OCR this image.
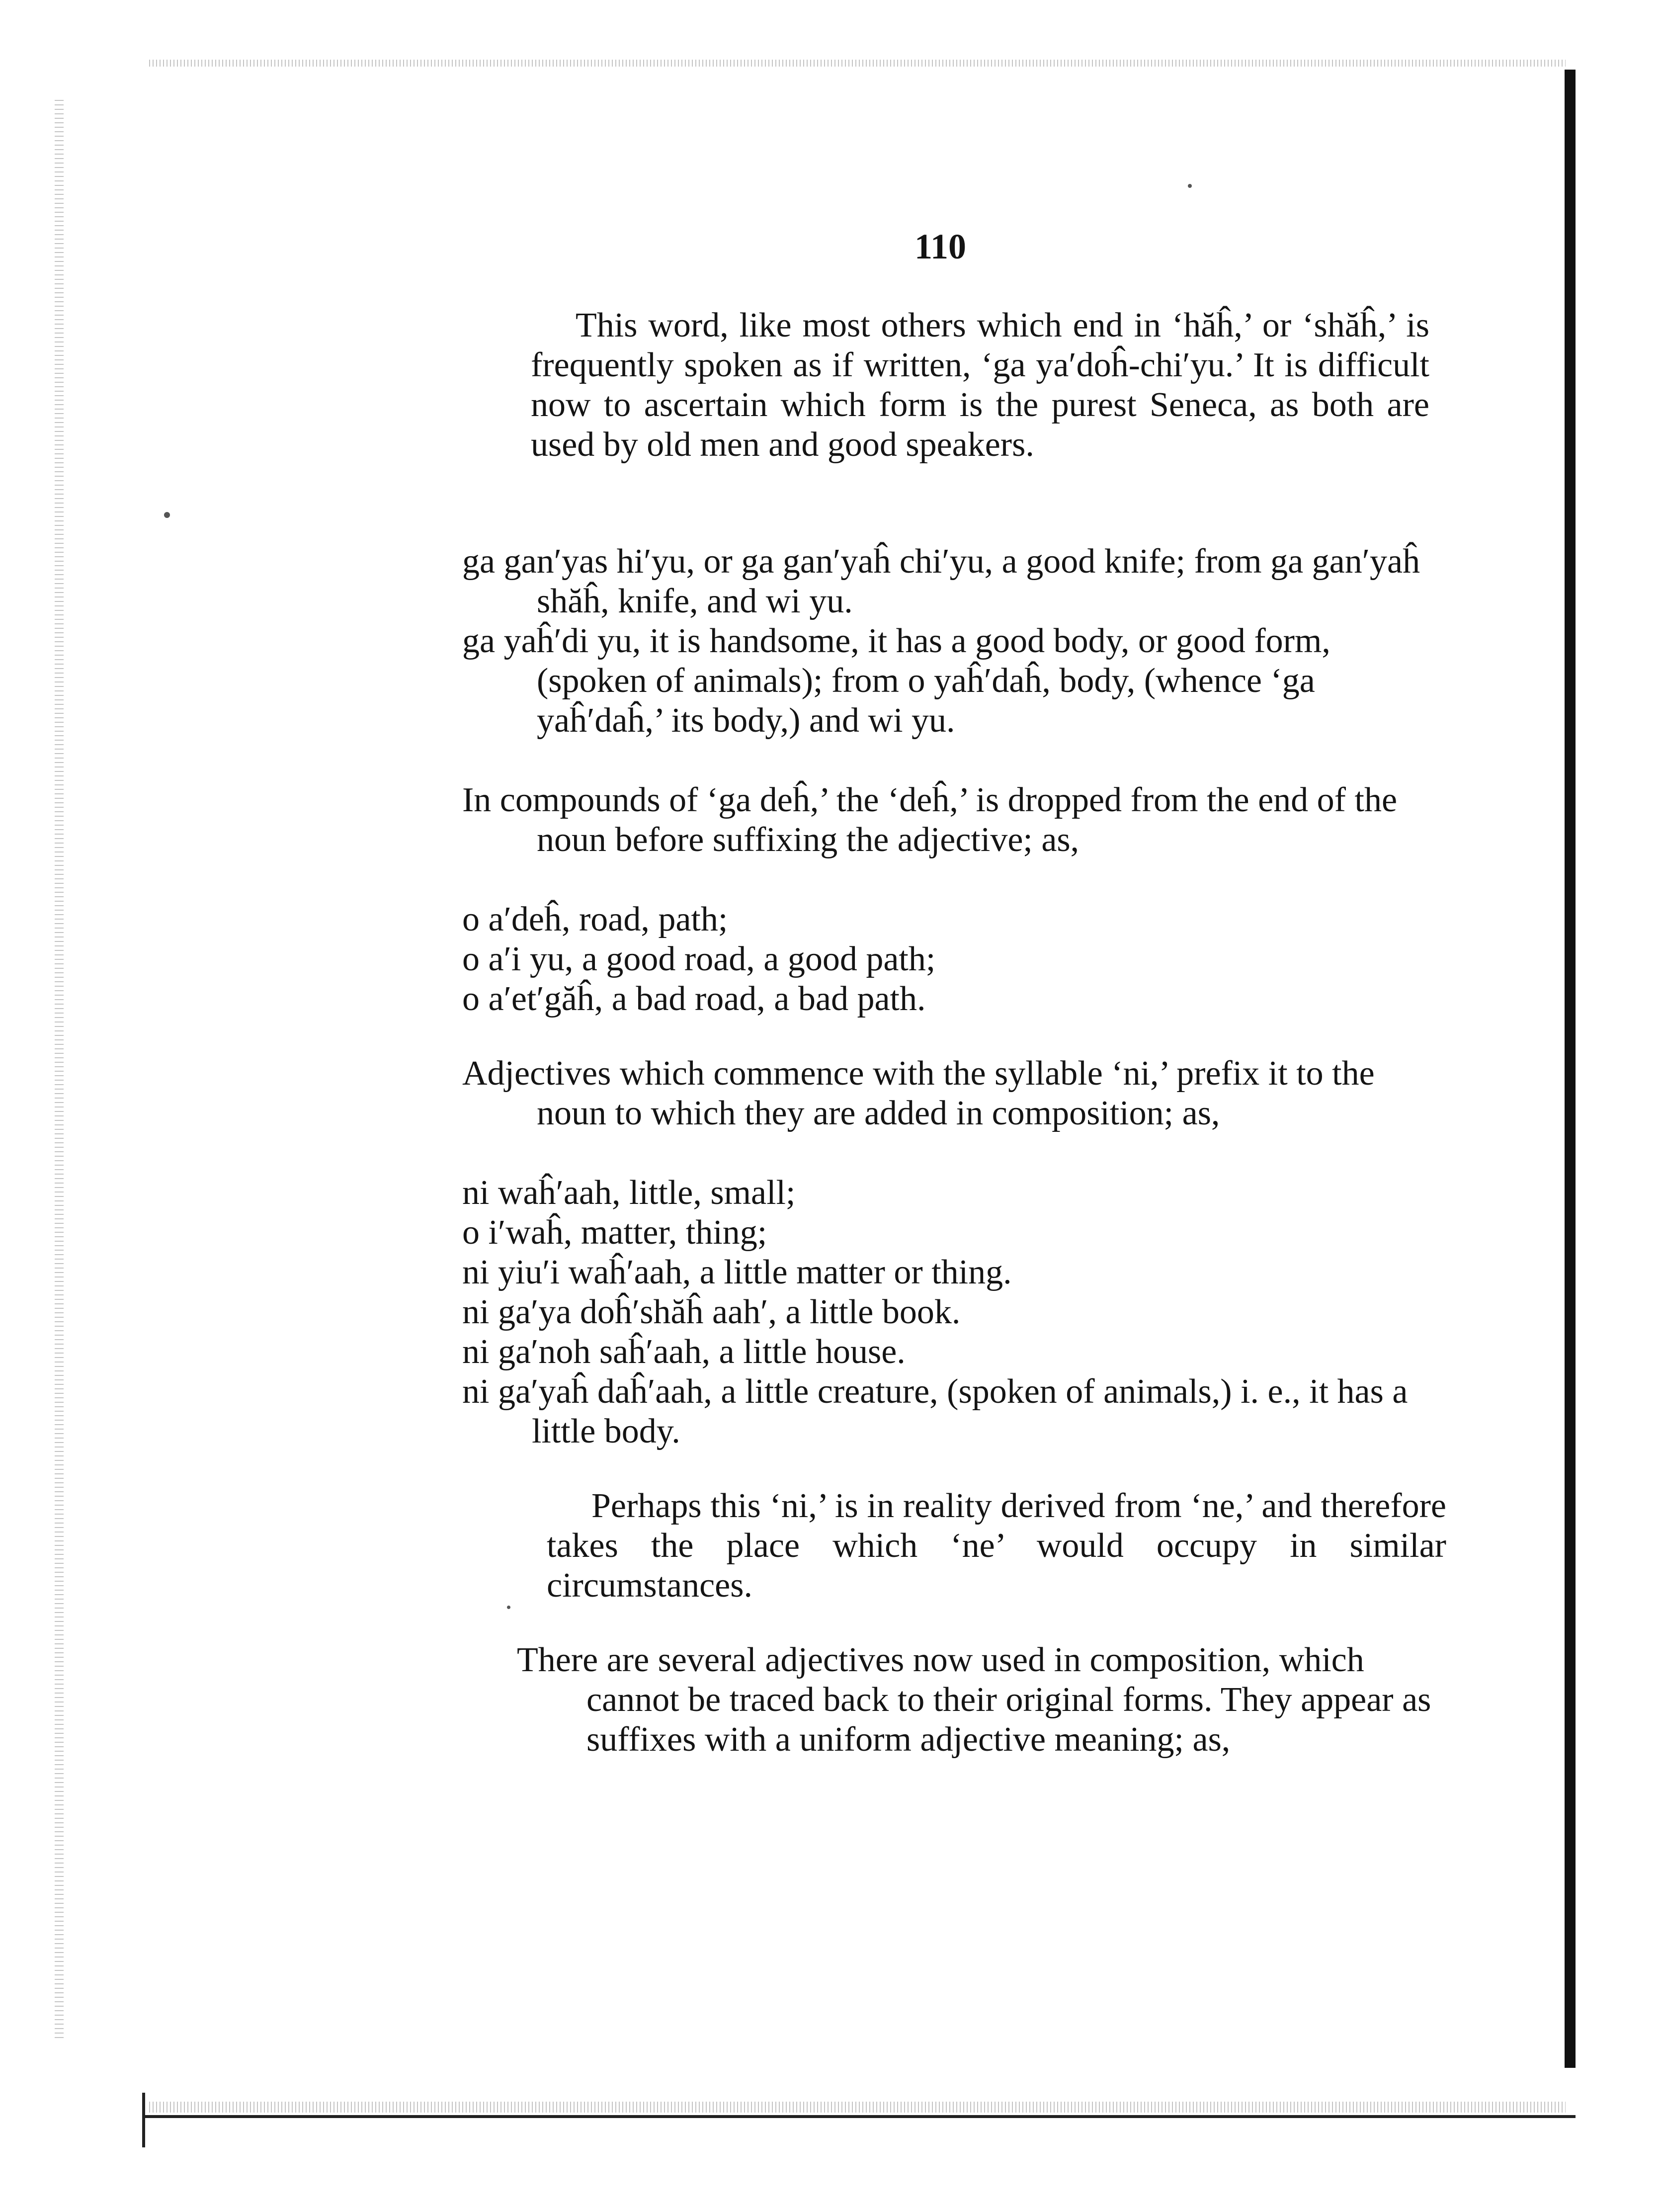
110

This word, like most others which end in ‘hăĥ,’ or ‘shăĥ,’ is frequently spoken as if written, ‘ga ya′doĥ-chi′yu.’ It is difficult now to ascertain which form is the purest Seneca, as both are used by old men and good speakers.

ga gan′yas hi′yu, or ga gan′yaĥ chi′yu, a good knife; from ga gan′yaĥ shăĥ, knife, and wi yu.

ga yaĥ′di yu, it is handsome, it has a good body, or good form, (spoken of animals); from o yaĥ′daĥ, body, (whence ‘ga yaĥ′daĥ,’ its body,) and wi yu.

In compounds of ‘ga deĥ,’ the ‘deĥ,’ is dropped from the end of the noun before suffixing the adjective; as,

o a′deĥ, road, path;

o a′i yu, a good road, a good path;

o a′et′găĥ, a bad road, a bad path.

Adjectives which commence with the syllable ‘ni,’ prefix it to the noun to which they are added in composition; as,

ni waĥ′aah, little, small;

o i′waĥ, matter, thing;

ni yiu′i waĥ′aah, a little matter or thing.

ni ga′ya doĥ′shăĥ aah′, a little book.

ni ga′noh saĥ′aah, a little house.

ni ga′yaĥ daĥ′aah, a little creature, (spoken of animals,) i. e., it has a little body.

Perhaps this ‘ni,’ is in reality derived from ‘ne,’ and therefore takes the place which ‘ne’ would occupy in similar circumstances.

There are several adjectives now used in composition, which cannot be traced back to their original forms. They appear as suffixes with a uniform adjective meaning; as,
